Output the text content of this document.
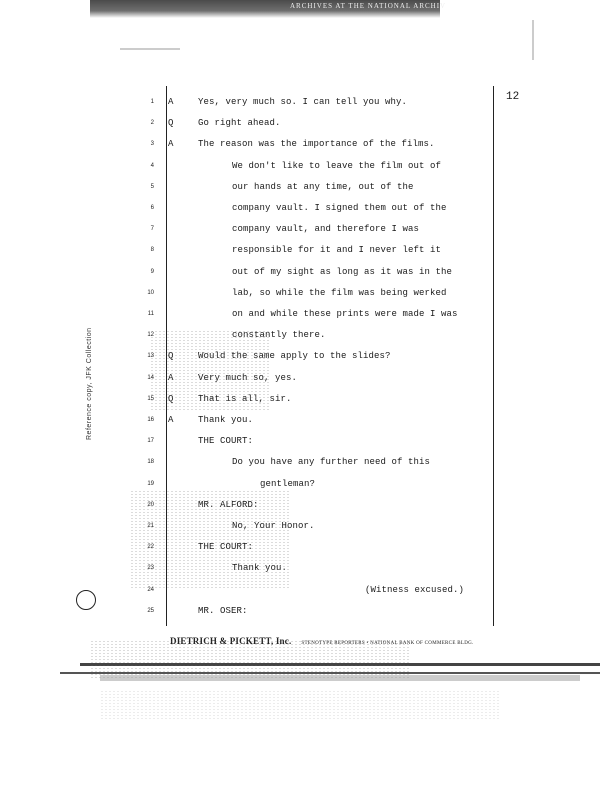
ARCHIVES AT THE NATIONAL ARCHIV
12
Reference copy, JFK Collection
1 A	Yes, very much so. I can tell you why.
2 Q	Go right ahead.
3 A	The reason was the importance of the films.
4	We don't like to leave the film out of
5	our hands at any time, out of the
6	company vault. I signed them out of the
7	company vault, and therefore I was
8	responsible for it and I never left it
9	out of my sight as long as it was in the
10	lab, so while the film was being werked
11	on and while these prints were made I was
12	constantly there.
13 Q	Would the same apply to the slides?
14 A	Very much so, yes.
15 Q	That is all, sir.
16 A	Thank you.
17	THE COURT:
18	Do you have any further need of this
19	gentleman?
20	MR. ALFORD:
21	No, Your Honor.
22	THE COURT:
23	Thank you.
24	(Witness excused.)
25	MR. OSER:
DIETRICH & PICKETT, Inc. STENOTYPE REPORTERS • NATIONAL BANK OF COMMERCE BLDG.
